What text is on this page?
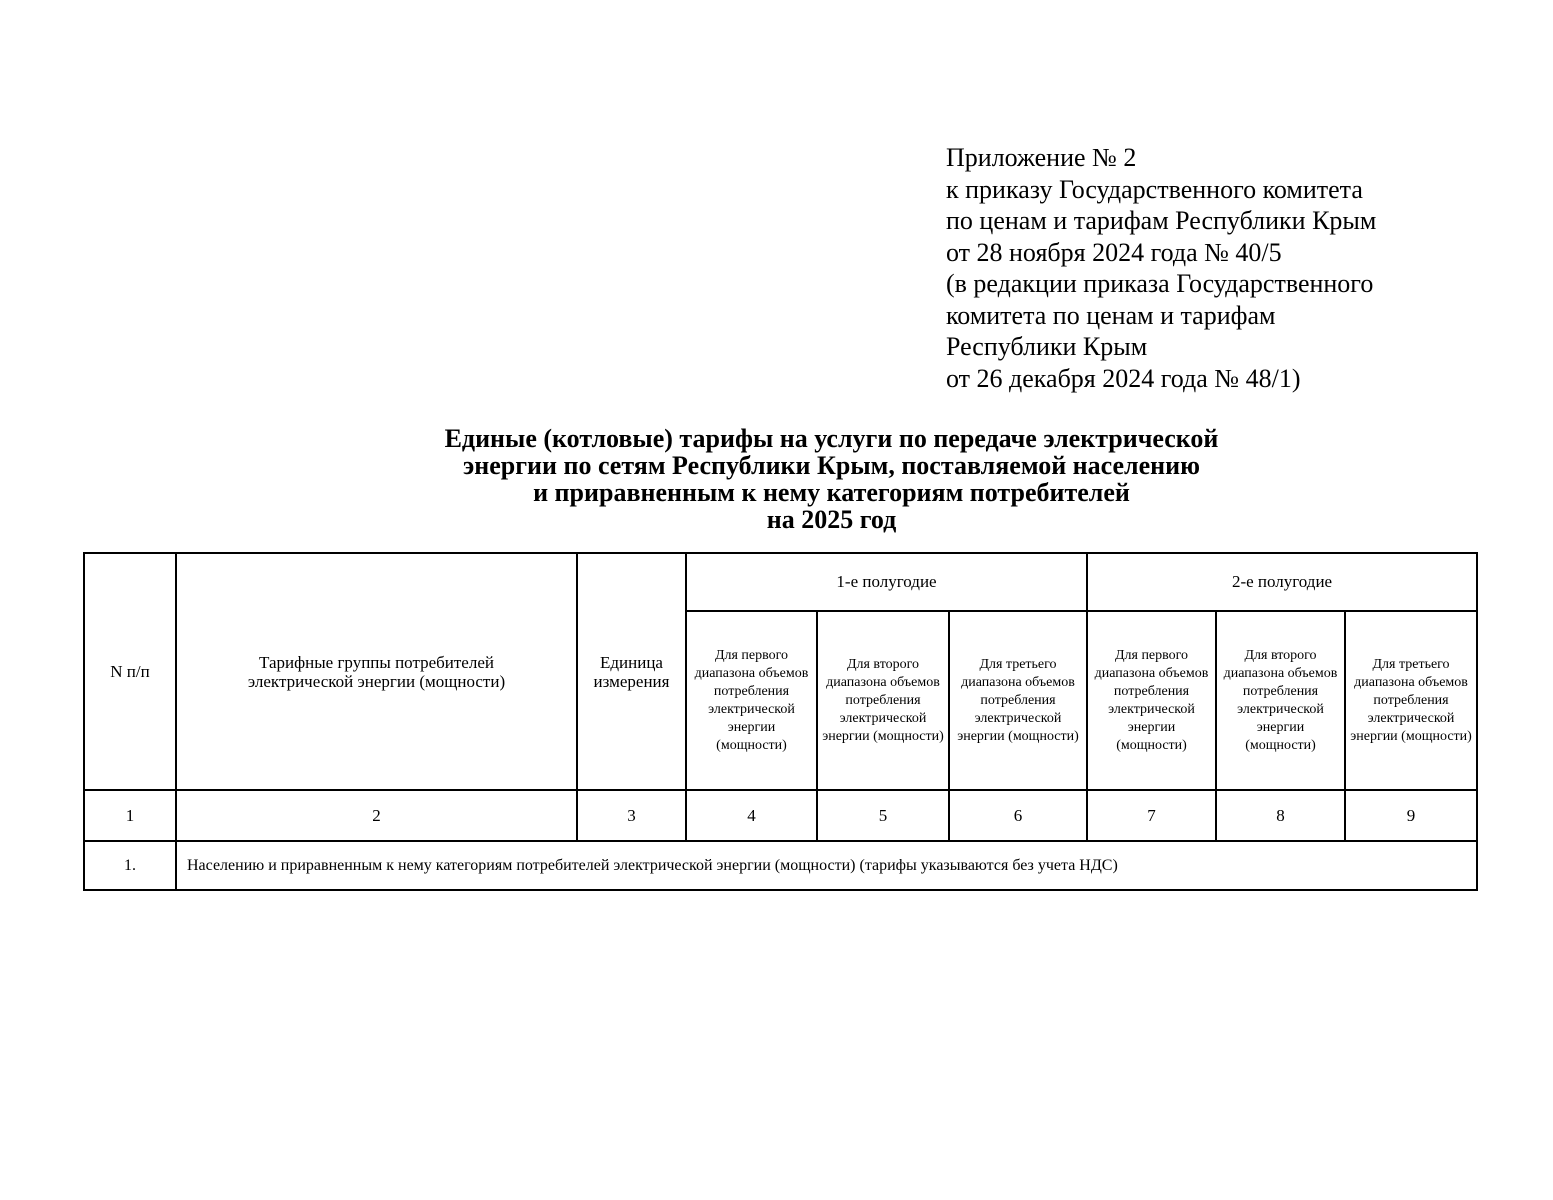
Приложение № 2
к приказу Государственного комитета
по ценам и тарифам Республики Крым
от 28 ноября 2024 года № 40/5
(в редакции приказа Государственного
комитета по ценам и тарифам
Республики Крым
от 26 декабря 2024 года № 48/1)
Единые (котловые) тарифы на услуги по передаче электрической
энергии по сетям Республики Крым, поставляемой населению
и приравненным к нему категориям потребителей
на 2025 год
N п/п	Тарифные группы потребителей электрической энергии (мощности)	Единица измерения	1-е полугодие			2-е полугодие		
			Для первого диапазона объемов потребления электрической энергии (мощности)	Для второго диапазона объемов потребления электрической энергии (мощности)	Для третьего диапазона объемов потребления электрической энергии (мощности)	Для первого диапазона объемов потребления электрической энергии (мощности)	Для второго диапазона объемов потребления электрической энергии (мощности)	Для третьего диапазона объемов потребления электрической энергии (мощности)
1	2	3	4	5	6	7	8	9
1.	Населению и приравненным к нему категориям потребителей электрической энергии (мощности) (тарифы указываются без учета НДС)							
